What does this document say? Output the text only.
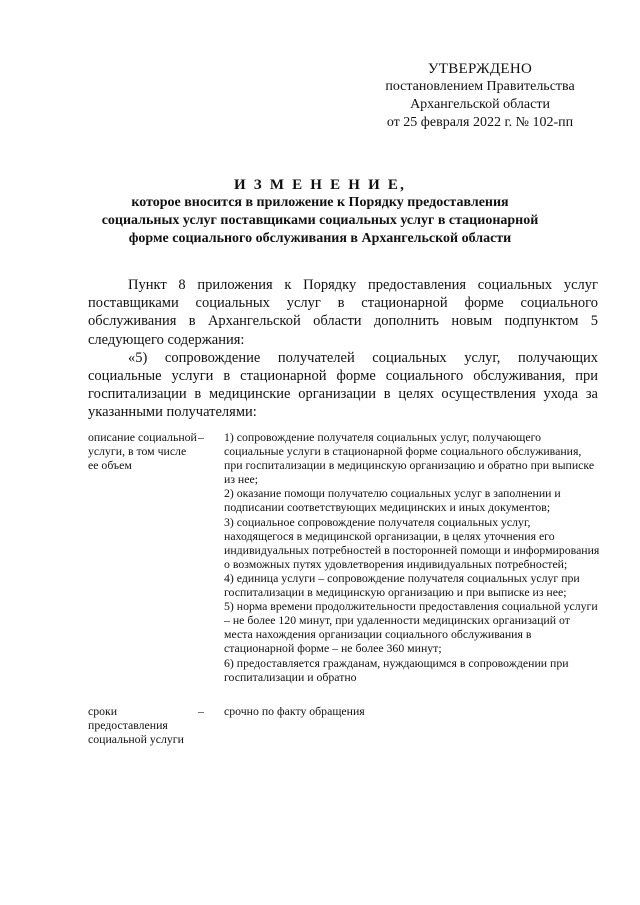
УТВЕРЖДЕНО
постановлением Правительства
Архангельской области
от 25 февраля 2022 г. № 102-пп
И З М Е Н Е Н И Е,
которое вносится в приложение к Порядку предоставления
социальных услуг поставщиками социальных услуг в стационарной
форме социального обслуживания в Архангельской области

Пункт 8 приложения к Порядку предоставления социальных услуг поставщиками социальных услуг в стационарной форме социального обслуживания в Архангельской области дополнить новым подпунктом 5 следующего содержания:

«5) сопровождение получателей социальных услуг, получающих социальные услуги в стационарной форме социального обслуживания, при госпитализации в медицинские организации в целях осуществления ухода за указанными получателями:

описание социальной услуги, в том числе ее объем
–	1) сопровождение получателя социальных услуг, получающего социальные услуги в стационарной форме социального обслуживания, при госпитализации в медицинскую организацию и обратно при выписке из нее;
2) оказание помощи получателю социальных услуг в заполнении и подписании соответствующих медицинских и иных документов;
3) социальное сопровождение получателя социальных услуг, находящегося в медицинской организации, в целях уточнения его индивидуальных потребностей в посторонней помощи и информирования о возможных путях удовлетворения индивидуальных потребностей;
4) единица услуги – сопровождение получателя социальных услуг при госпитализации в медицинскую организацию и при выписке из нее;
5) норма времени продолжительности предоставления социальной услуги – не более 120 минут, при удаленности медицинских организаций от места нахождения организации социального обслуживания в стационарной форме – не более 360 минут;
6) предоставляется гражданам, нуждающимся в сопровождении при госпитализации и обратно
сроки предоставления социальной услуги
–	срочно по факту обращения
